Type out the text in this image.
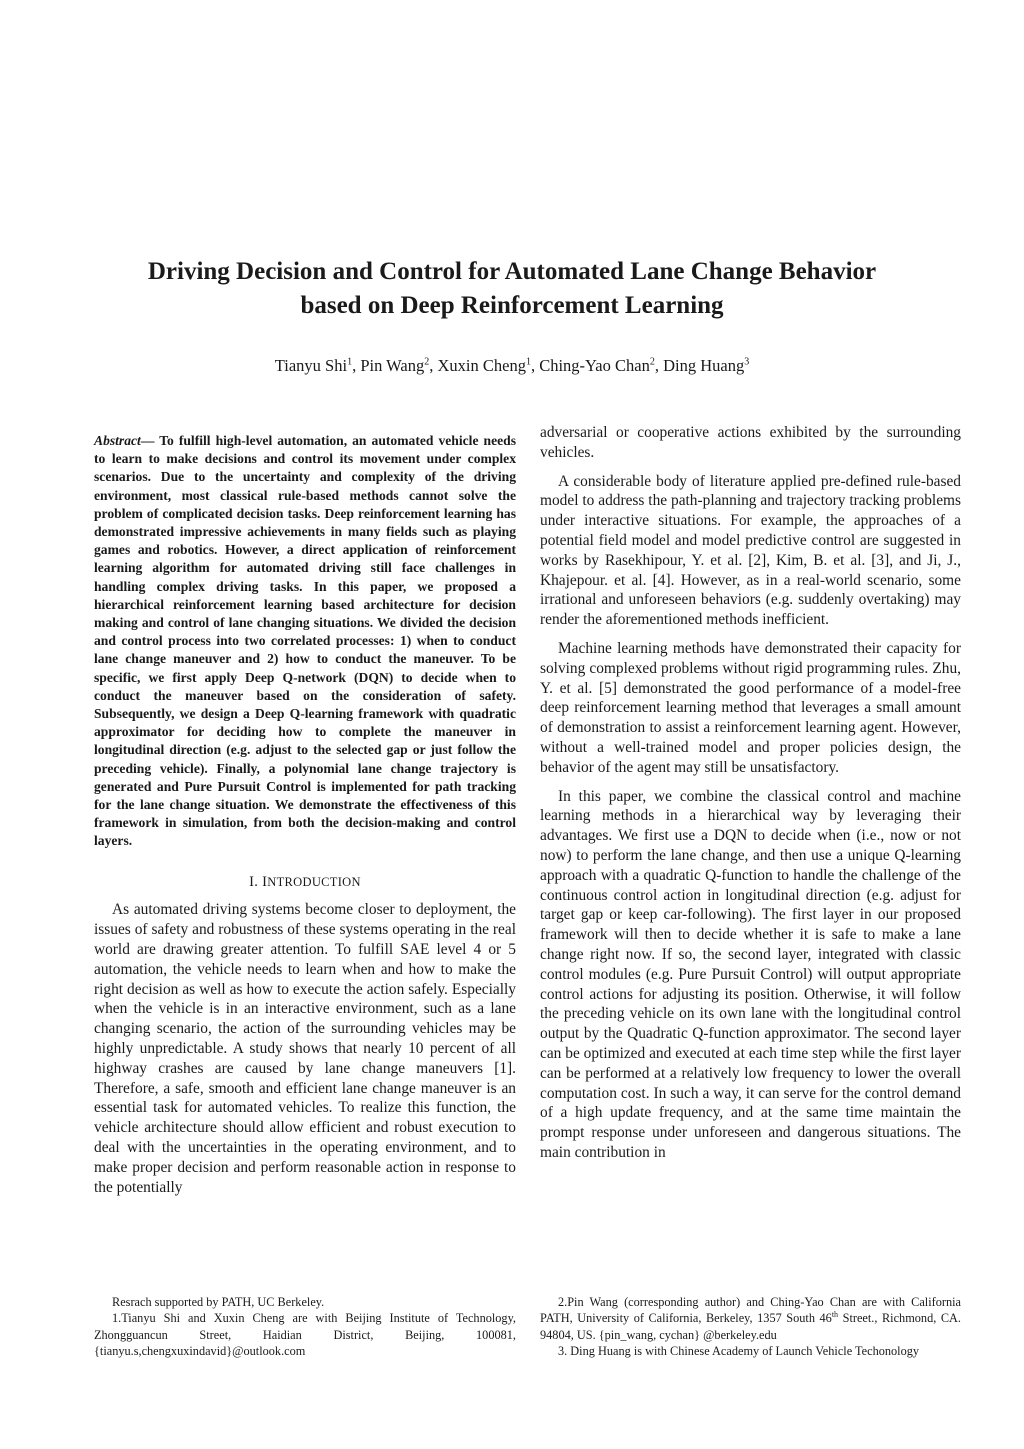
Driving Decision and Control for Automated Lane Change Behavior
based on Deep Reinforcement Learning
Tianyu Shi$^1$, Pin Wang$^2$, Xuxin Cheng$^1$, Ching-Yao Chan$^2$, Ding Huang$^3$

Abstract— To fulfill high-level automation, an automated vehicle needs to learn to make decisions and control its movement under complex scenarios. Due to the uncertainty and complexity of the driving environment, most classical rule-based methods cannot solve the problem of complicated decision tasks. Deep reinforcement learning has demonstrated impressive achievements in many fields such as playing games and robotics. However, a direct application of reinforcement learning algorithm for automated driving still face challenges in handling complex driving tasks. In this paper, we proposed a hierarchical reinforcement learning based architecture for decision making and control of lane changing situations. We divided the decision and control process into two correlated processes: 1) when to conduct lane change maneuver and 2) how to conduct the maneuver. To be specific, we first apply Deep Q-network (DQN) to decide when to conduct the maneuver based on the consideration of safety. Subsequently, we design a Deep Q-learning framework with quadratic approximator for deciding how to complete the maneuver in longitudinal direction (e.g. adjust to the selected gap or just follow the preceding vehicle). Finally, a polynomial lane change trajectory is generated and Pure Pursuit Control is implemented for path tracking for the lane change situation. We demonstrate the effectiveness of this framework in simulation, from both the decision-making and control layers.

I. INTRODUCTION

As automated driving systems become closer to deployment, the issues of safety and robustness of these systems operating in the real world are drawing greater attention. To fulfill SAE level 4 or 5 automation, the vehicle needs to learn when and how to make the right decision as well as how to execute the action safely. Especially when the vehicle is in an interactive environment, such as a lane changing scenario, the action of the surrounding vehicles may be highly unpredictable. A study shows that nearly 10 percent of all highway crashes are caused by lane change maneuvers [1]. Therefore, a safe, smooth and efficient lane change maneuver is an essential task for automated vehicles. To realize this function, the vehicle architecture should allow efficient and robust execution to deal with the uncertainties in the operating environment, and to make proper decision and perform reasonable action in response to the potentially

adversarial or cooperative actions exhibited by the surrounding vehicles.

A considerable body of literature applied pre-defined rule-based model to address the path-planning and trajectory tracking problems under interactive situations. For example, the approaches of a potential field model and model predictive control are suggested in works by Rasekhipour, Y. et al. [2], Kim, B. et al. [3], and Ji, J., Khajepour. et al. [4]. However, as in a real-world scenario, some irrational and unforeseen behaviors (e.g. suddenly overtaking) may render the aforementioned methods inefficient.

Machine learning methods have demonstrated their capacity for solving complexed problems without rigid programming rules. Zhu, Y. et al. [5] demonstrated the good performance of a model-free deep reinforcement learning method that leverages a small amount of demonstration to assist a reinforcement learning agent. However, without a well-trained model and proper policies design, the behavior of the agent may still be unsatisfactory.

In this paper, we combine the classical control and machine learning methods in a hierarchical way by leveraging their advantages. We first use a DQN to decide when (i.e., now or not now) to perform the lane change, and then use a unique Q-learning approach with a quadratic Q-function to handle the challenge of the continuous control action in longitudinal direction (e.g. adjust for target gap or keep car-following). The first layer in our proposed framework will then to decide whether it is safe to make a lane change right now. If so, the second layer, integrated with classic control modules (e.g. Pure Pursuit Control) will output appropriate control actions for adjusting its position. Otherwise, it will follow the preceding vehicle on its own lane with the longitudinal control output by the Quadratic Q-function approximator. The second layer can be optimized and executed at each time step while the first layer can be performed at a relatively low frequency to lower the overall computation cost. In such a way, it can serve for the control demand of a high update frequency, and at the same time maintain the prompt response under unforeseen and dangerous situations. The main contribution in

Resrach supported by PATH, UC Berkeley.

1.Tianyu Shi and Xuxin Cheng are with Beijing Institute of Technology, Zhongguancun Street, Haidian District, Beijing, 100081, {tianyu.s,chengxuxindavid}@outlook.com

2.Pin Wang (corresponding author) and Ching-Yao Chan are with California PATH, University of California, Berkeley, 1357 South 46th Street., Richmond, CA. 94804, US. {pin_wang, cychan} @berkeley.edu

3. Ding Huang is with Chinese Academy of Launch Vehicle Techonology
